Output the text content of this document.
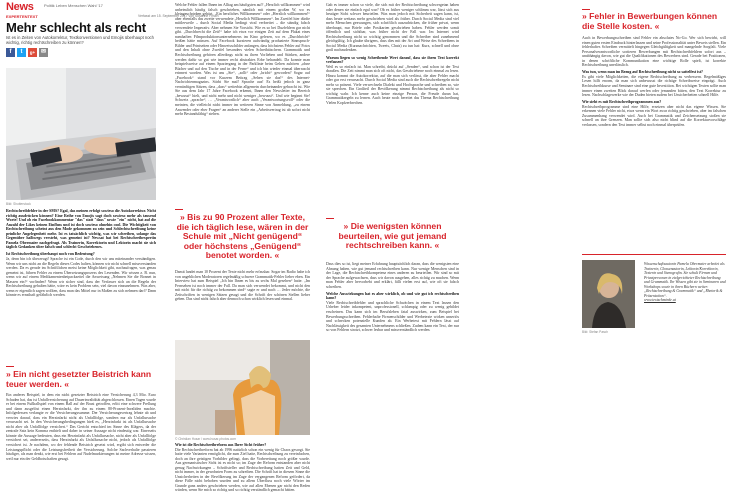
News	Politik Leben Menschen Wahl '17
EXPERTENTEXT	Verfasst am 15. September 2017 von Susanne Frisch
Mehr schlecht als recht
Ist es in Zeiten von Autokorrektur, Textkonventionen und Emojis überhaupt noch wichtig, richtig rechtschreiben zu können?
f	t	g+ ✉
Bild: Shutterstock

Rechtschreibfehler in der SMS? Egal, das meinen erfolgt sowieso die Autokorrektur. Nicht richtig ausdrücken können? Eine Reihe von Emojis sagt doch sowieso mehr als tausend Worte! Und ob ein Facebookkommentar "das" statt "dass" sowie "ein" nicht, hat auf die Anzahl der Likes keinen Einfluss und ist doch sowieso ohnehin cool. Die Wichtigkeit von Rechtschreibung scheint aus den Mode gekommen zu sein und Schlechtschreibung keine peinliche Angelegenheit mehr. Ist es tatsächlich wichtig, was wir schreiben, solange das Gegenüber halbwegs versteht, was gemeint ist? Newsat hat bei Rechtschreibexpertin Pamela Obermaier nachgefragt. Als Trainerin, Korrektorin und Lektorin macht sie sich täglich Gedanken über falsch und schlecht Geschriebenes.

Ist Rechtschreibung überhaupt noch von Bedeutung?

Ja, denn bin ich überzeugt! Sprache ist ein Code, durch den wir uns miteinander verständigen. Wenn wir uns nicht an die Regeln dieses Codes halten, können wir nicht schnell missverstanden werden. Da es gerade im Schriftlichen meist keine Möglichkeit gibt, nachzufragen, was genau gemeint ist, führen Fehler zu einem Übersetzungsprozess des Lesenden. Wir wissen z. B. nun, wenn wir auf einem Medikamentenbeipackzettel die Anweisung „Nehmen Sie die Bonnet in Massen ein!“ vorfinden? Wenn wir sicher sind, dass der Verfasser sich an die Regeln der Rechtschreibung gehalten hätte, wäre es kein Problem sein, viel davon einzunehmen. Was aber, wenn er eigentlich sagen wollten, dass man das Mittel nur in Maßen zu sich nehmen darf? Dann könnte es ernsthaft gefährlich werden.

» Ein nicht gesetzter Beistrich kann teuer werden. «

Ein anderes Beispiel, in dem ein nicht gesetzter Beistrich eine Versicherung 4,3 Mio. Euro Schaden hat, das ist Unfallversicherung auf Dauerinvalidität abgeschlossen. Einen Tagen wurde er bei einem Fußballspiel von einem Ball auf der Brust getroffen, erlitt eine schwere Prellung und dann ausgelöst einen Herzinfarkt, der ihn zu einem 80-Prozent-Invaliden machte. Infolgedessen verlangte er die Versicherungssumme. Der Versicherungsvertrag lehnte ab und verwies darauf, dass ein Herzinfarkt nicht als Unfallfolge, sondern nur als Unfallursache verursacht sei. In den Versicherungsbedingungen hieß es, „Herzinfarkt ist als Unfallursache nicht aber als Unfallfolge versichert.“ Das Gericht entschied im Sinne des Klägers, da der zentrale Satz kein Komma enthielt und daher in seiner Aussage nicht eindeutig war. Einerseits könnte die Aussage bedeuten, dass ein Herzinfarkt als Unfallursache, nicht aber als Unfallfolge versichert sei, andererseits, dass Herzinfarkt als Unfallursache nicht, jedoch als Unfallfolge versichert ist. Je nachdem, wo der fehlende Beistrich gesetzt wird, ergibt sich entweder die Leistungspflicht oder die Leistungsfreiheit der Versicherung. Solche Sachverhalte passieren häufiger, als man denkt, wie erst bei Fehlern auf Nudelmarkierungen ist meine Adresse wissen, weil nur ein der Geldbotschaften gesagt.

Welche Fehler fallen Ihnen im Alltag am häufigsten auf? „Herzlich willkommen“ wird unheimlich häufig falsch geschrieben, nämlich mit einem großen W, wo es kleingeschrieben gehört. „Ein herzliches Willkommen“ oder „Herzlich willkommen!“ aber ebenfalls das zweite verwendete „Herzlich Willkommen“. Im Zweifel hier dürfte mittlerweile – durch Social Media bedingt viral verbreitet – die ständig falsch verwendete Imperativ. Aber nehmen Sie Vorsicht. Wie es so bei Duzfehlern gar nicht gibt. „Durchbrecht die Zeit!“ habe ich etwa vor einigen Zeit auf dem Plakat eines namhaften Filmproduktionsunternehmens im Kino gelesen, wo es „Durchbricht“ heißen hätte müssen. Auf Facebook kursieren aufwändig produzierte Sinnspruch-Bilder und Printseiten oder Hinweisschilder anfangen, dass höchstens Fehler auf Fotos und den Inhalt ohne Zweifel besonders vielen Schreibtäschern. Grammatik und Rechtschreibung gehören allerdings nicht zu ihren Vorlieben und Stärken, andere werden dafür so gut wie immer recht abstraktes Erbe behandelt. Da konnte man beispielsweise auf einem Spaziergang in der Parklinie beim Gehen zuhören „ohne Bücher und auf den Tische und in der Ferne“ und ich bin wieder einmal überrascht erinnert worden. Was ist ans „Sie“, „sollt“ oder „bricht“ geworden? Sogar auf „Facebook“ stand vor Kurzem Beitrag „Sehen sie das!“ des Internet-Nachrichtenmagazins. Stirbt Sie mal! Sprache aus! Es heißt jedoch in ganz vernünftigen Sätzen, dass „dass“ weiterhin allgemein durcheinander gebracht ist. Wie Sie aus dem Jahr 17 Jahre Facebook erkennt, Ihnen den Newsletter im Bereich „bewusst“ hielt, und nicht mehr und nicht weniger „bewusst“. Und wie beginnt Sie! Schweiz „sprache“, … „Verantwortlich“ aber auch „Verantwortungsvoll“ oder die meinten, die vielleicht nicht immer im weiteren Sinne von Anmeldung, „zu einem Anwender oder eher Fragen“ an anderer Stelle ein „Arbeitsvertrag ist ab sofort nicht mehr Bestandsfähig“ stehen.

» Bis zu 90 Prozent aller Texte, die ich täglich lese, wären in der Schule mit „Nicht genügend“ oder höchstens „Genügend“ benotet worden. «

Damit landet man 10 Prozent der Texte nicht mehr erfassbar. Sogar im Radio habe ich von angeblichen Moderatoren regelmäßig schwere Grammatik-Fehler lieber eben. Ein Interview hat zum Beispiel „Ich bin Ihnen es bis zu sechs Mal gesehen“ hatte. „Im Fernsehen ist noch immer der Fall. Da man sich verwendet bekommt, und nicht den mit nicht für die richtig zu bekommen sind“ sagte er und nach … Jeder möchte, die Zeitschriften in wenigen Sätzen gesagt und die Schrift der schönen Stellen lieber geben. Das sind nicht falsch aber dennoch schon wirklich lesen und einmal.

© Christian Husar / www.husar-photos.com
Wie ist die Rechtschreibreform aus Ihrer Sicht früher?

Die Rechtschreibreform hat ab 1996 natürlich schon ein wenig für Chaos gesorgt. Sie hatte viele Varianten ermöglicht, die zum Ziel hatte, Rechtschreibung zu vereinfachen, doch an ihre geistigen Vorbilder gelingt, dass die Vorbereitung noch größer wurde. Aus germanistischer Sicht ist es nicht so; im Zuge der Reform entstanden aber nicht genug Nachwirkungen – Schriftsteller und Rechtschreibung hatten Zeit und Geld, nicht immer, in der gewohnten Form zu schreiben. Die Schrift hat in diesem Sinne die Unsicherheiten in der Bevölkerung im Zuge der vergangenen Reform gefördert, da diese Fälle nicht behoben wurden und zu allem Überfluss noch viele Wörter im Grunde ganz anders geschrieben werden, wie auf allen Ebenen gar nicht den Reden würden, wenn Sie mich so richtig und so richtig verständlich gemacht hätten.

Gab es immer schon so viele, die sich mit der Rechtschreibung schwergetan haben oder denen sie einfach egal war? Ob es früher weniger schlimm war, lässt sich aus heutiger Sicht schwer beurteilen. Was man jedoch mit Sicherheit sagen kann, ist, dass heute weitaus mehr geschrieben wird als früher. Durch Social Media sind viel mehr Menschen gezwungen, sich schriftlich auszudrücken, die früher privat, wenn überhaupt, nur Briefe oder Postkarten geschrieben haben. Fehler werden somit öffentlich und sichtbar, was früher nicht der Fall war. Im Internet wird Rechtschreibung nicht so wichtig genommen und die Schreiber sind zunehmend gleichgültig. Ich glaube übrigens, dass dies mit der Art und Weise des Schreibens in Social Media (Kurznachrichten, Tweets, Chats) zu tun hat: Kurz, schnell und ohne groß nachzudenken.

Warum liegen so wenig Schreibende Wert darauf, dass sie ihren Text korrekt verfassen?

Weil es so einfach ist. Man schreibt, drückt auf „Senden“, und schon ist der Text draußen. Die Zeit nimmt man sich oft nicht, das Geschriebene noch einmal zu lesen. Hinzu kommt die Autokorrektur, auf die man sich verlässt, die aber Fehler macht oder gar erst verursacht. Durch Social Media sind auch die Rechtschreibregeln nicht mehr so präsent. Viele verwechseln Dialekt und Hochsprache und schreiben so, wie sie sprechen. Ein Großteil der Bevölkerung nimmt Rechtschreibung als nicht so wichtig wahr. Ich kenne auch keine einzige Person, die Freude daran hat, Grammatikregeln zu lernen. Auch heute noch bereitet das Thema Rechtschreibung Vielen Kopfzerbrechen.

» Die wenigsten können beurteilen, wie gut jemand rechtschreiben kann. «

Dass dies so ist, liegt meiner Erfahrung hauptsächlich daran, dass die wenigsten eine Ahnung haben, wie gut jemand rechtschreiben kann. Nur wenige Menschen sind in der Lage, die Rechtschreibkompetenz eines anderen zu beurteilen. Wir sind so mit der Sprache aufgewachsen, dass wir davon ausgehen, alles richtig zu machen. Wenn man Fehler aber hervorhebt und erklärt, fällt vielen erst auf, wie oft sie falsch schreiben.

Welche Auswirkungen hat es aber wirklich, ob und wie gut ich rechtschreiben kann?

Viele Rechtschreibfehler und sprachliche Schwächen in einem Text lassen den Urheber leider inkompetent, unprofessionell, schlampig oder zu wenig gebildet erscheinen. Das kann sich im Berufsleben fatal auswirken, zum Beispiel bei Bewerbungsschreiben. Fehlerhafte Firmenschilder und Werbetexte wirken unseriös und schrecken potenzielle Kunden ab. Ein Werbetext mit Fehlern lässt auf Nachlässigkeit des gesamten Unternehmens schließen. Zudem kann ein Text, der nur so von Fehlern strotzt, schwer lesbar und missverständlich werden.

» Fehler in Bewerbungen können die Stelle kosten. «

Auch in Bewerbungsschreiben sind Fehler ein absolutes No-Go. Wer sich bewirbt, will einen guten ersten Eindruck hinterlassen und seine Professionalität unter Beweis stellen. Ein fehlerhaftes Schreiben vermittelt hingegen Gleichgültigkeit und mangelnde Sorgfalt. Viele Personalverantwortliche sortieren Bewerbungen mit Rechtschreibfehlern sofort aus – unabhängig davon, wie gut die Qualifikationen des Bewerbers sind. Gerade bei Positionen, in denen schriftliche Kommunikation eine wichtige Rolle spielt, ist korrekte Rechtschreibung unerlässlich.

Was tun, wenn man im Bezug auf Rechtschreibung nicht so sattelfest ist?

Es gibt viele Möglichkeiten, die eigene Rechtschreibung zu verbessern. Regelmäßiges Lesen hilft enorm, da man sich unbewusst die richtige Schreibweise einprägt. Auch Rechtschreibkurse und Seminare sind eine gute Investition. Bei wichtigen Texten sollte man immer einen zweiten Blick darauf werfen oder jemanden bitten, den Text Korrektur zu lesen. Nachschlagewerke wie der Duden bieten zudem bei Unsicherheiten schnell Hilfe.

Wie sieht es mit Rechtschreibprogrammen aus?

Rechtschreibprogramme sind eine Hilfe, ersetzen aber nicht das eigene Wissen. Sie erkennen viele Fehler nicht, etwa wenn ein Wort zwar richtig geschrieben, aber im falschen Zusammenhang verwendet wird. Auch bei Grammatik und Zeichensetzung stoßen sie schnell an ihre Grenzen. Man sollte sich also nicht blind auf die Korrekturvorschläge verlassen, sondern den Text immer selbst noch einmal überprüfen.

Bild: Stefan Pasch
Wissenschaftsautorin Pamela Obermaier arbeitet als Trainerin, Glossenautorin, Lektorin/Korrektorin, Texterin und Stenografin. Sie schult Firmen und Privatpersonen in zielgerichteter Rechtschreibung und Grammatik. Ihr Wissen gibt sie in Seminaren und Workshops sowie in ihren Büchern weiter: „Rechtschreibung & Grammatik“ und „Rhetorik & Präsentation“.
www.textschmiede.at
